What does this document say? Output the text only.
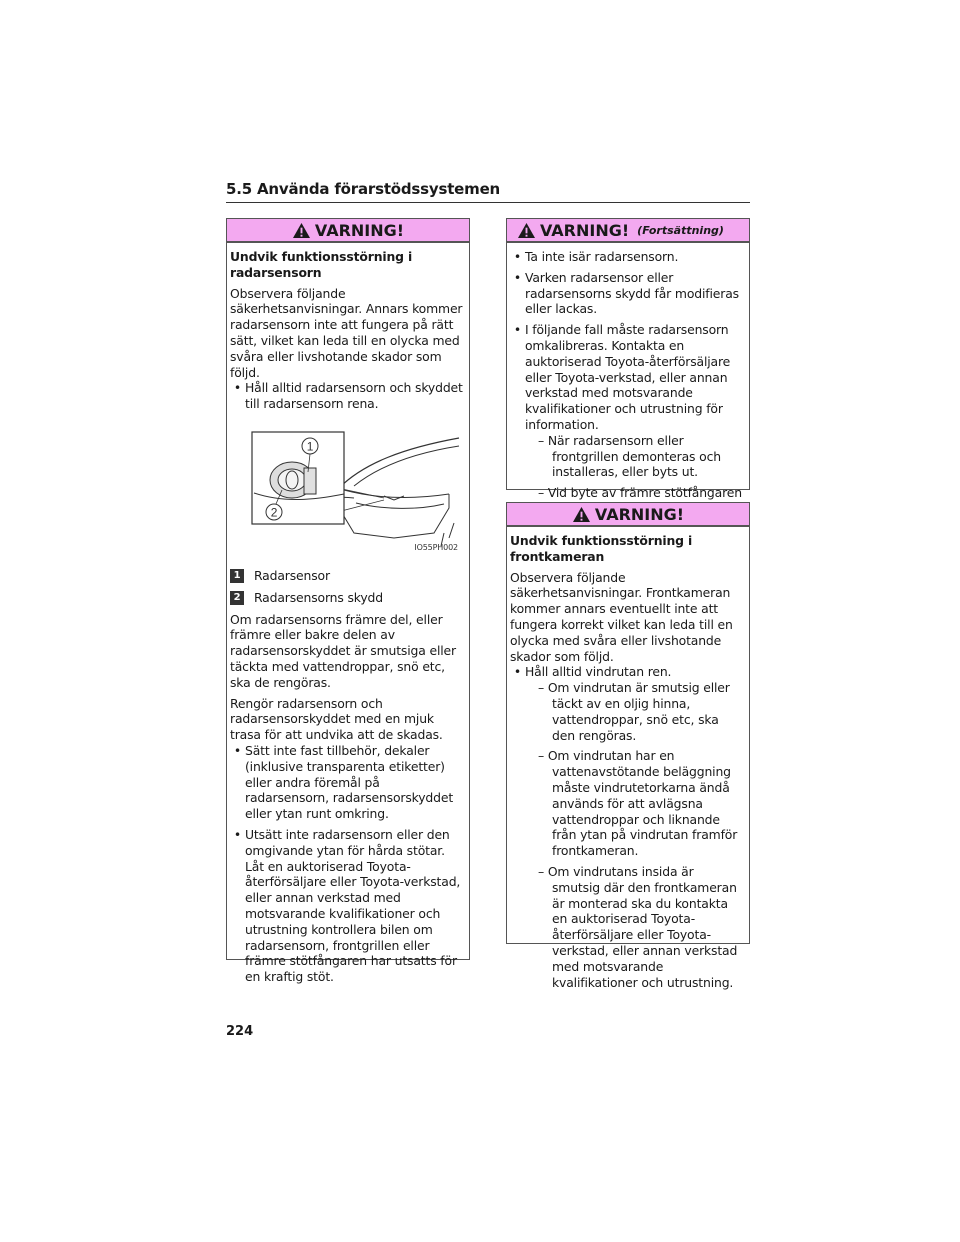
5.5 Använda förarstödssystemen
VARNING!

Undvik funktionsstörning i radarsensorn

Observera följande säkerhetsanvisningar. Annars kommer radarsensorn inte att fungera på rätt sätt, vilket kan leda till en olycka med svåra eller livshotande skador som följd.

• Håll alltid radarsensorn och skyddet till radarsensorn rena.
1
2
IO55PH002
1 Radarsensor
2 Radarsensorns skydd

Om radarsensorns främre del, eller främre eller bakre delen av radarsensorskyddet är smutsiga eller täckta med vattendroppar, snö etc, ska de rengöras.

Rengör radarsensorn och radarsensorskyddet med en mjuk trasa för att undvika att de skadas.

• Sätt inte fast tillbehör, dekaler (inklusive transparenta etiketter) eller andra föremål på radarsensorn, radarsensorskyddet eller ytan runt omkring.
• Utsätt inte radarsensorn eller den omgivande ytan för hårda stötar. Låt en auktoriserad Toyota-återförsäljare eller Toyota-verkstad, eller annan verkstad med motsvarande kvalifikationer och utrustning kontrollera bilen om radarsensorn, frontgrillen eller främre stötfångaren har utsatts för en kraftig stöt.
VARNING! (Fortsättning)
• Ta inte isär radarsensorn.
• Varken radarsensor eller radarsensorns skydd får modifieras eller lackas.
• I följande fall måste radarsensorn omkalibreras. Kontakta en auktoriserad Toyota-återförsäljare eller Toyota-verkstad, eller annan verkstad med motsvarande kvalifikationer och utrustning för information.

– När radarsensorn eller frontgrillen demonteras och installeras, eller byts ut.

– Vid byte av främre stötfångaren

VARNING!

Undvik funktionsstörning i frontkameran

Observera följande säkerhetsanvisningar. Frontkameran kommer annars eventuellt inte att fungera korrekt vilket kan leda till en olycka med svåra eller livshotande skador som följd.

• Håll alltid vindrutan ren.

– Om vindrutan är smutsig eller täckt av en oljig hinna, vattendroppar, snö etc, ska den rengöras.

– Om vindrutan har en vattenavstötande beläggning måste vindrutetorkarna ändå används för att avlägsna vattendroppar och liknande från ytan på vindrutan framför frontkameran.

– Om vindrutans insida är smutsig där den frontkameran är monterad ska du kontakta en auktoriserad Toyota-återförsäljare eller Toyota-verkstad, eller annan verkstad med motsvarande kvalifikationer och utrustning.

224
